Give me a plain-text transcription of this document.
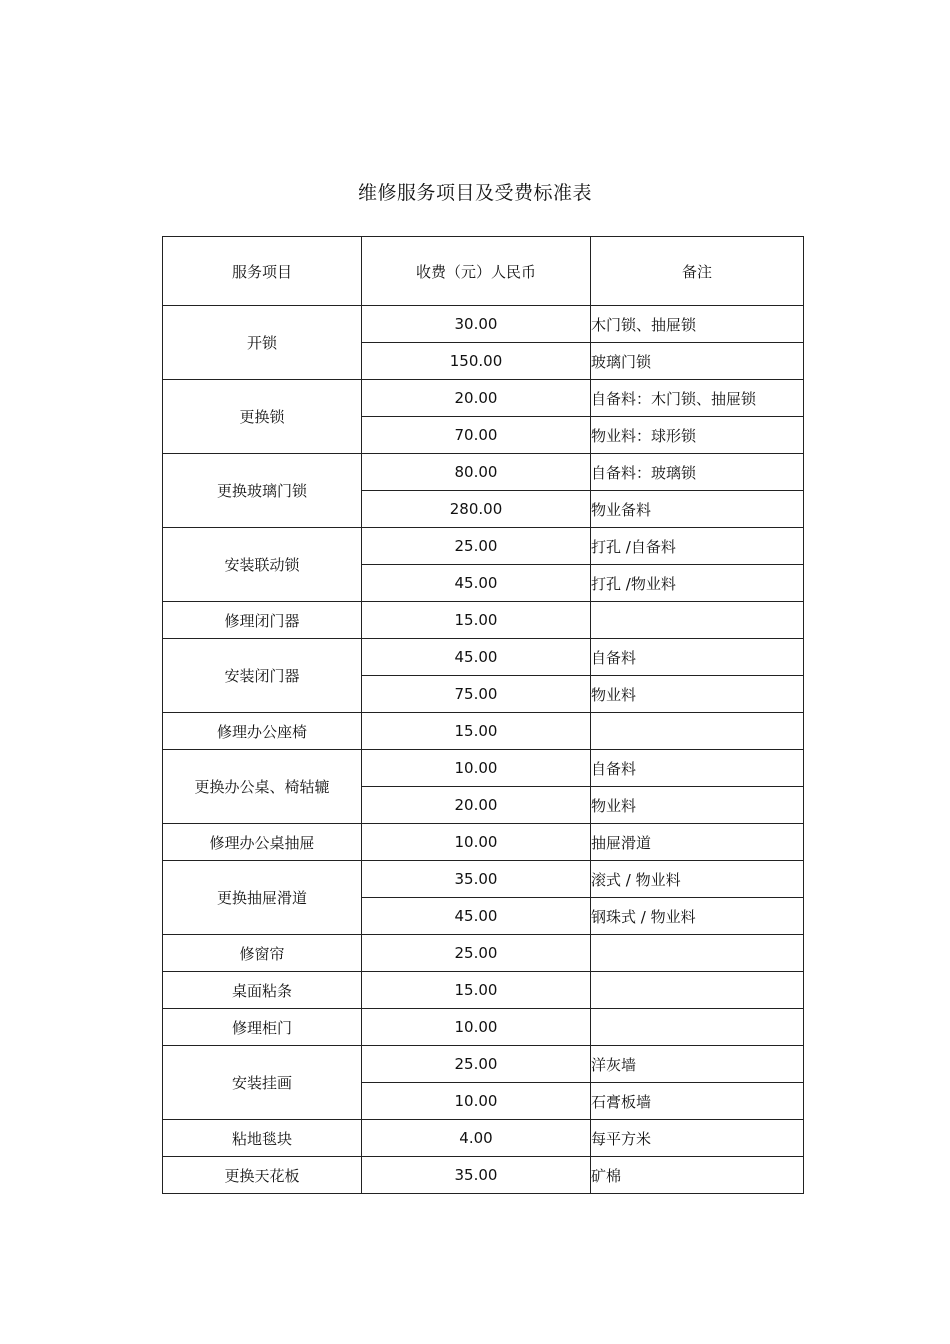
维修服务项目及受费标准表
服务项目	收费（元）人民币	备注
开锁	30.00	木门锁、抽屉锁
	150.00	玻璃门锁
更换锁	20.00	自备料：木门锁、抽屉锁
	70.00	物业料：球形锁
更换玻璃门锁	80.00	自备料：玻璃锁
	280.00	物业备料
安装联动锁	25.00	打孔 /自备料
	45.00	打孔 /物业料
修理闭门器	15.00	
安装闭门器	45.00	自备料
	75.00	物业料
修理办公座椅	15.00	
更换办公桌、椅轱辘	10.00	自备料
	20.00	物业料
修理办公桌抽屉	10.00	抽屉滑道
更换抽屉滑道	35.00	滚式 / 物业料
	45.00	钢珠式 / 物业料
修窗帘	25.00	
桌面粘条	15.00	
修理柜门	10.00	
安装挂画	25.00	洋灰墙
	10.00	石膏板墙
粘地毯块	4.00	每平方米
更换天花板	35.00	矿棉
